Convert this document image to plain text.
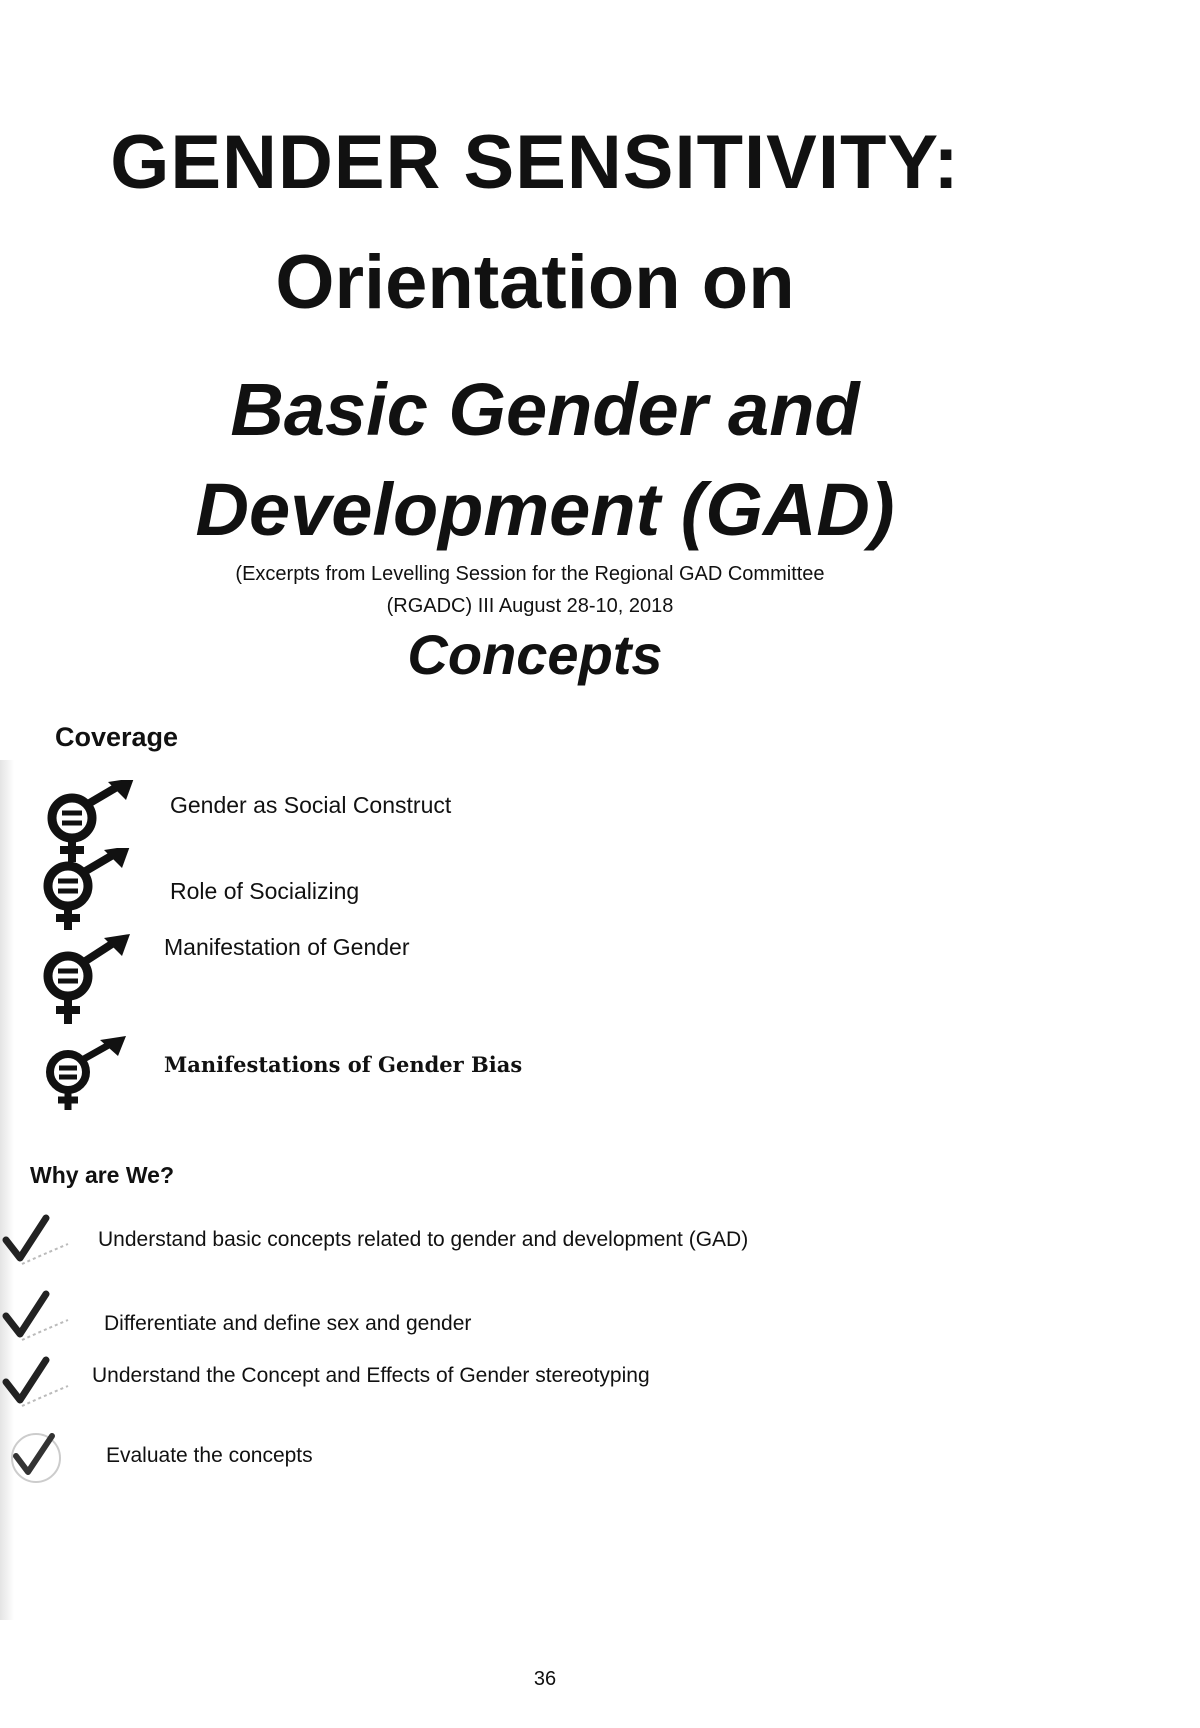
GENDER SENSITIVITY:
Orientation on
Basic Gender and
Development (GAD)
(Excerpts from Levelling Session for the Regional GAD Committee
(RGADC) III August 28-10, 2018
Concepts
Coverage
Gender as Social Construct
Role of Socializing
Manifestation of Gender
Manifestations of Gender Bias
Why are We?
Understand basic concepts related to gender and development (GAD)
Differentiate and define sex and gender
Understand the Concept and Effects of Gender stereotyping
Evaluate the concepts
36
